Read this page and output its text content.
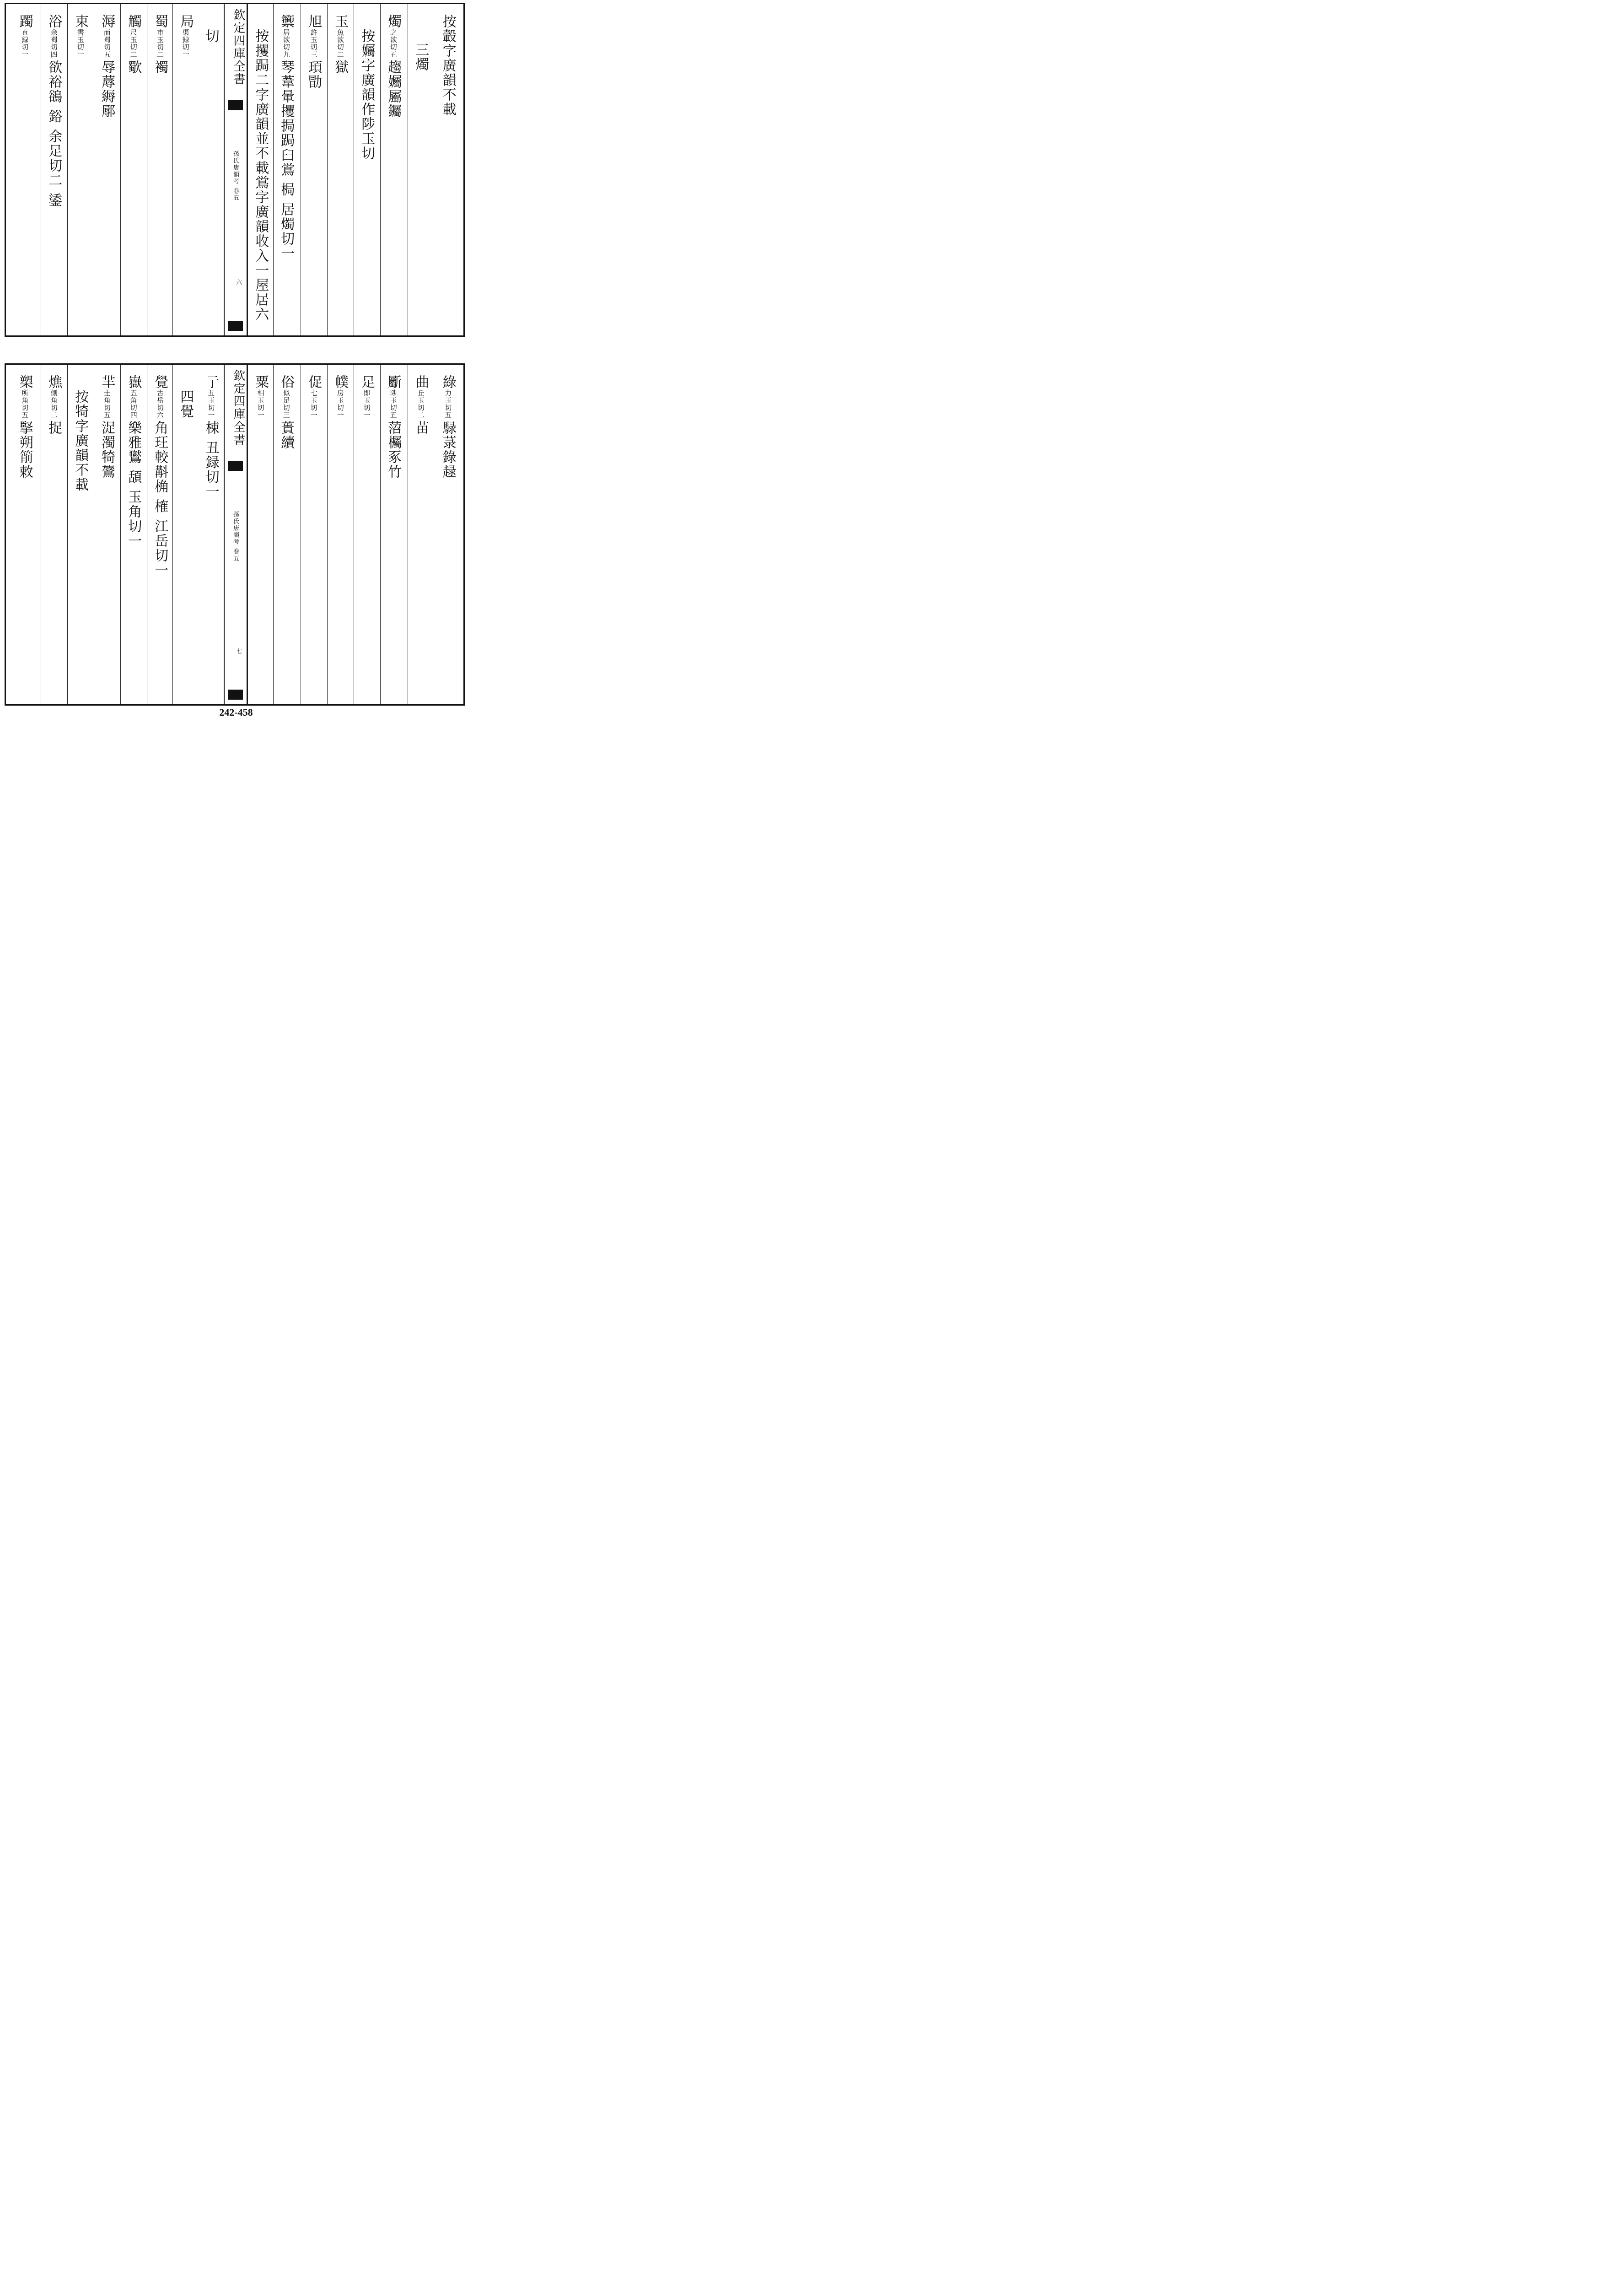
按轂字廣韻不載
三燭
燭
之欲切五
趨孎屬钃
按孎字廣韻作陟玉切
玉
魚欲切二
獄
旭
許玉切三
頊勖
籞
居欲切九
琴葦暈攫挶跼臼鴬 梮 居燭切一
按攫跼二字廣韻並不載鴬字廣韻收入一屋居六
欽定四庫全書
孫氏唐韻考 卷五
六
切
局
渠録切一
蜀
市玉切二
襡
觸
尺玉切二
歜
溽
而蜀切五
辱蓐縟鄏
束
書玉切一
浴
余蜀切四
欲裕鵒 鋊 余足切二 鋈
躅
直録切一
綠
力玉切五
騄菉錄趢
曲
丘玉切二
苗
斸
陟玉切五
菬欘豖竹
足
即玉切一
幞
房玉切一
促
七玉切一
俗
似足切三
蕢續
粟
相玉切一
欽定四庫全書
孫氏唐韻考 卷五
七
亍
丑玉切一
梀 丑録切一
四覺
覺
古岳切六
角玨較斠桷 榷 江岳切一
嶽
五角切四
樂雅鸑 頢 玉角切一
羋
士角切五
浞濁犄鷟
按犄字廣韻不載
燋
側角切二
捉
槊
所角切五
掔朔箾敕
242-458
